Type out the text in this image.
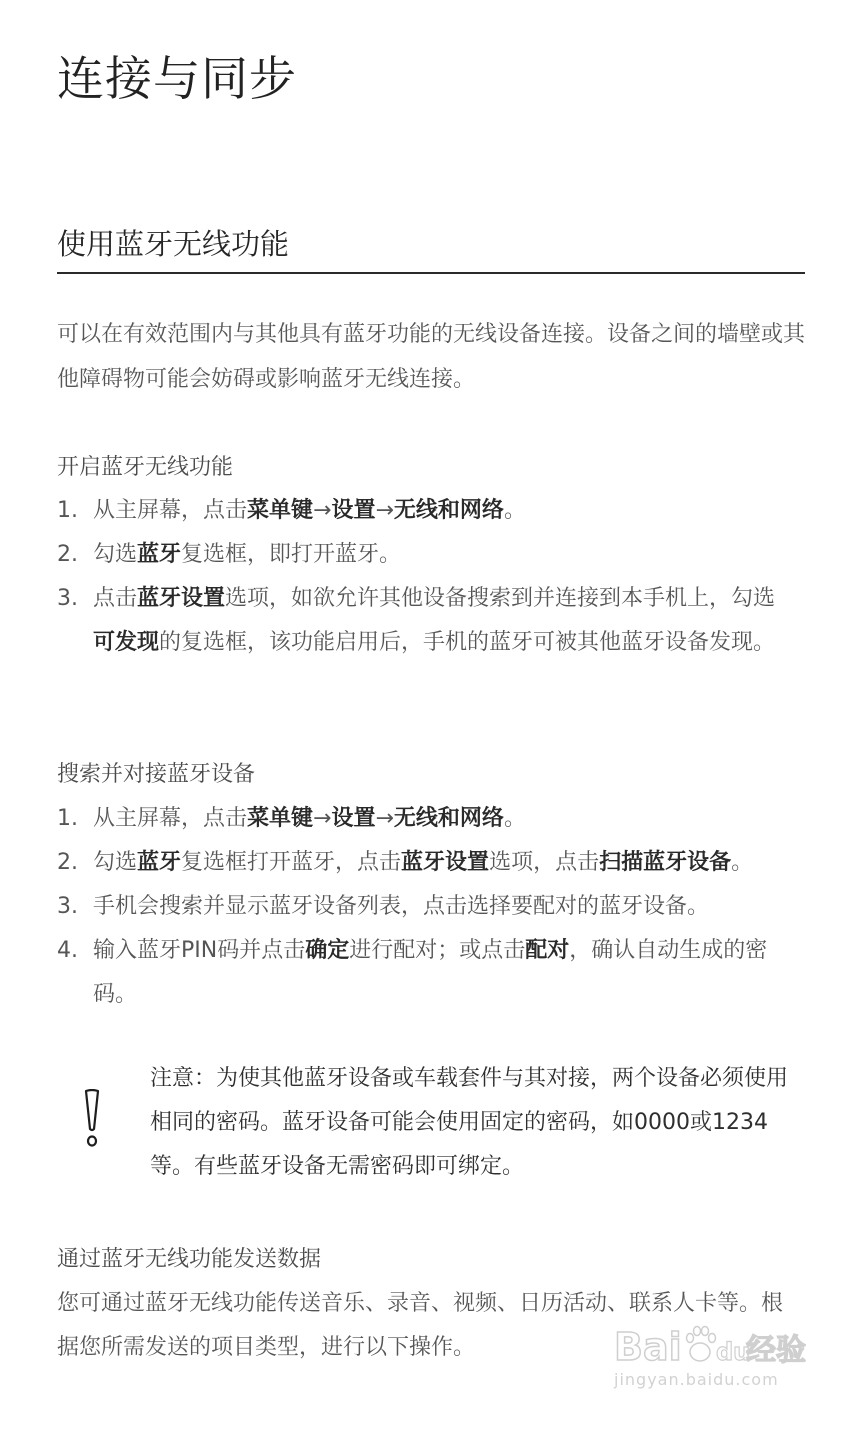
连接与同步
使用蓝牙无线功能

可以在有效范围内与其他具有蓝牙功能的无线设备连接。设备之间的墙壁或其他障碍物可能会妨碍或影响蓝牙无线连接。

开启蓝牙无线功能
1. 从主屏幕，点击菜单键→设置→无线和网络。
2. 勾选蓝牙复选框，即打开蓝牙。
3. 点击蓝牙设置选项，如欲允许其他设备搜索到并连接到本手机上，勾选可发现的复选框，该功能启用后，手机的蓝牙可被其他蓝牙设备发现。
搜索并对接蓝牙设备
1. 从主屏幕，点击菜单键→设置→无线和网络。
2. 勾选蓝牙复选框打开蓝牙，点击蓝牙设置选项，点击扫描蓝牙设备。
3. 手机会搜索并显示蓝牙设备列表，点击选择要配对的蓝牙设备。
4. 输入蓝牙PIN码并点击确定进行配对；或点击配对，确认自动生成的密码。

注意：为使其他蓝牙设备或车载套件与其对接，两个设备必须使用相同的密码。蓝牙设备可能会使用固定的密码，如0000或1234等。有些蓝牙设备无需密码即可绑定。

通过蓝牙无线功能发送数据

您可通过蓝牙无线功能传送音乐、录音、视频、日历活动、联系人卡等。根据您所需发送的项目类型，进行以下操作。	Bai du
经验
jingyan.baidu.com
